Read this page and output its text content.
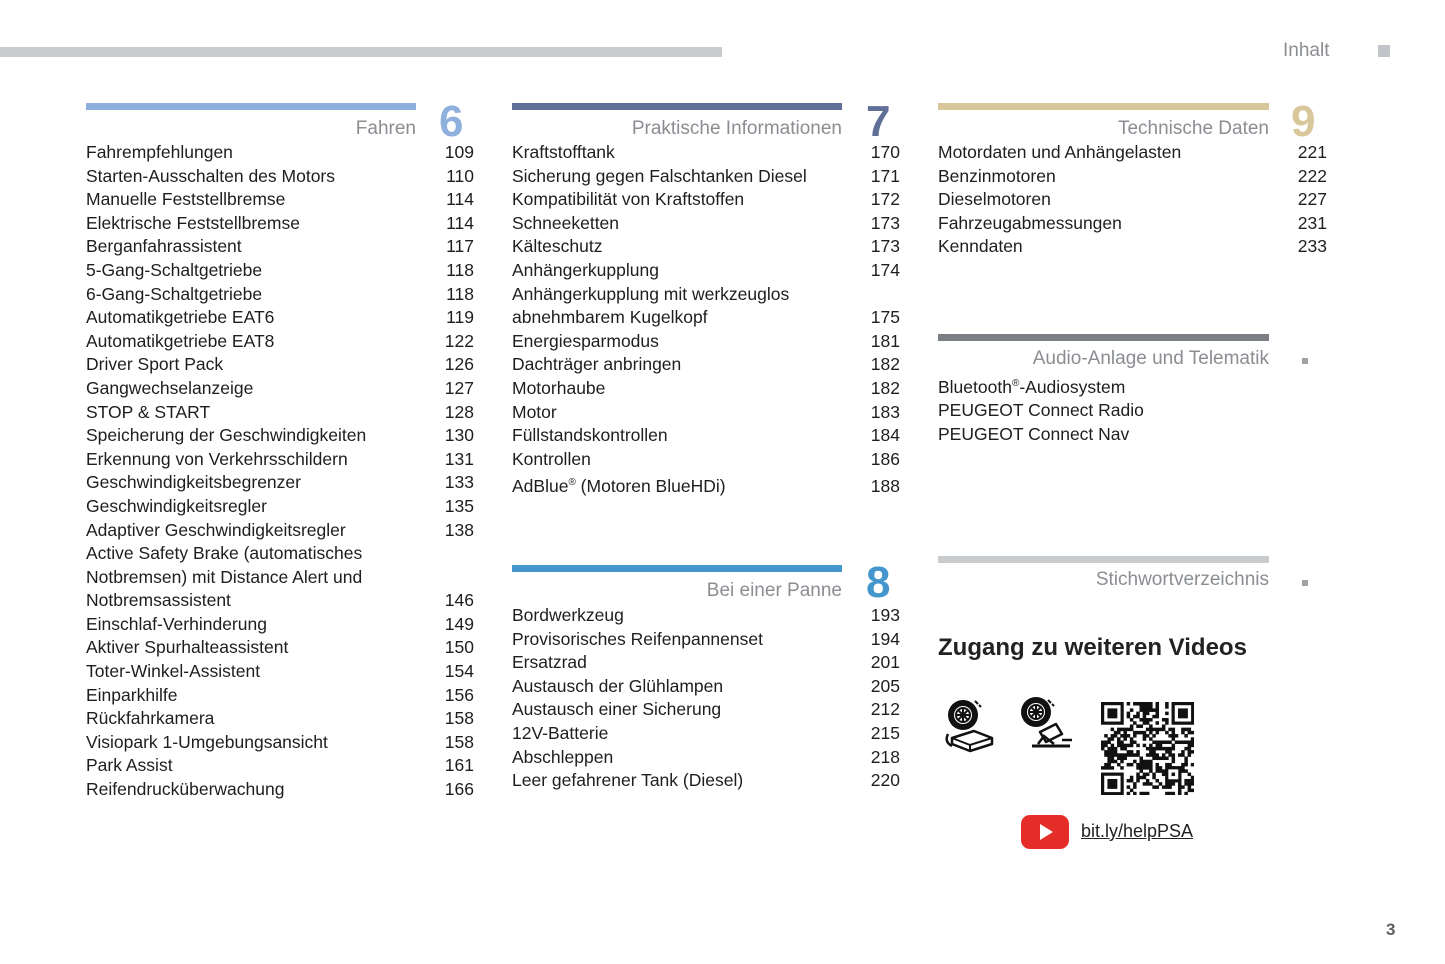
Inhalt
Fahren 6
Fahrempfehlungen	109
Starten-Ausschalten des Motors	110
Manuelle Feststellbremse	114
Elektrische Feststellbremse	114
Berganfahrassistent	117
5-Gang-Schaltgetriebe	118
6-Gang-Schaltgetriebe	118
Automatikgetriebe EAT6	119
Automatikgetriebe EAT8	122
Driver Sport Pack	126
Gangwechselanzeige	127
STOP & START	128
Speicherung der Geschwindigkeiten	130
Erkennung von Verkehrsschildern	131
Geschwindigkeitsbegrenzer	133
Geschwindigkeitsregler	135
Adaptiver Geschwindigkeitsregler	138
Active Safety Brake (automatisches
Notbremsen) mit Distance Alert und
Notbremsassistent	146
Einschlaf-Verhinderung	149
Aktiver Spurhalteassistent	150
Toter-Winkel-Assistent	154
Einparkhilfe	156
Rückfahrkamera	158
Visiopark 1-Umgebungsansicht	158
Park Assist	161
Reifendrucküberwachung	166
Praktische Informationen 7
Kraftstofftank	170
Sicherung gegen Falschtanken Diesel	171
Kompatibilität von Kraftstoffen	172
Schneeketten	173
Kälteschutz	173
Anhängerkupplung	174
Anhängerkupplung mit werkzeuglos
abnehmbarem Kugelkopf	175
Energiesparmodus	181
Dachträger anbringen	182
Motorhaube	182
Motor	183
Füllstandskontrollen	184
Kontrollen	186
AdBlue® (Motoren BlueHDi)	188
Bei einer Panne 8
Bordwerkzeug	193
Provisorisches Reifenpannenset	194
Ersatzrad	201
Austausch der Glühlampen	205
Austausch einer Sicherung	212
12V-Batterie	215
Abschleppen	218
Leer gefahrener Tank (Diesel)	220
Technische Daten 9
Motordaten und Anhängelasten	221
Benzinmotoren	222
Dieselmotoren	227
Fahrzeugabmessungen	231
Kenndaten	233
Audio-Anlage und Telematik
Bluetooth®-Audiosystem
PEUGEOT Connect Radio
PEUGEOT Connect Nav
Stichwortverzeichnis
Zugang zu weiteren Videos
bit.ly/helpPSA
3
